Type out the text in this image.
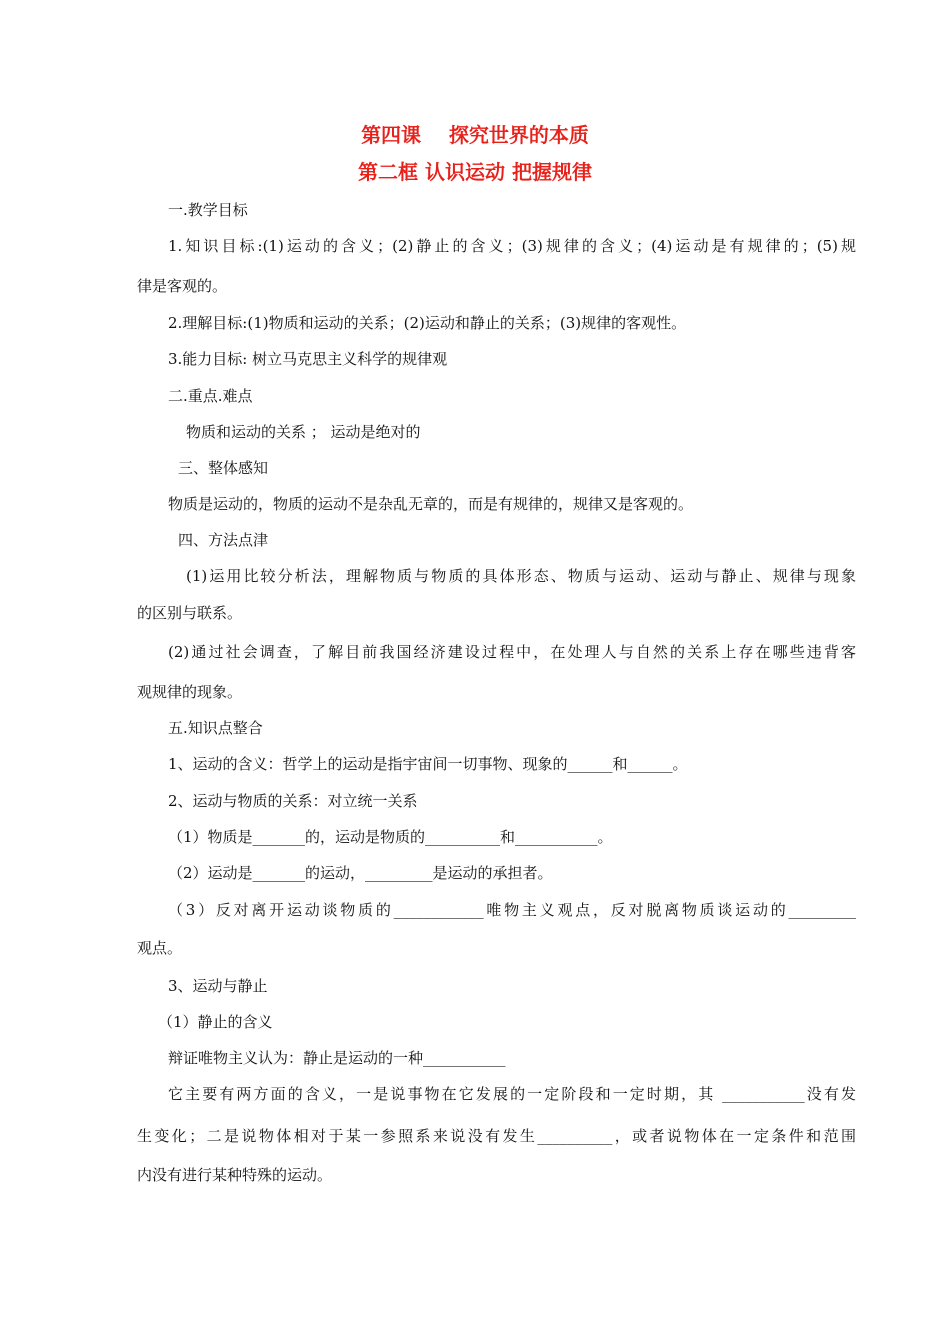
第四课    探究世界的本质
第二框 认识运动 把握规律
一.教学目标
1.知识目标:(1)运动的含义；(2)静止的含义；(3)规律的含义；(4)运动是有规律的；(5)规
律是客观的。
2.理解目标:(1)物质和运动的关系；(2)运动和静止的关系；(3)规律的客观性。
3.能力目标: 树立马克思主义科学的规律观
二.重点.难点
物质和运动的关系 ； 运动是绝对的
三、整体感知
物质是运动的，物质的运动不是杂乱无章的，而是有规律的，规律又是客观的。
四、方法点津
(1)运用比较分析法，理解物质与物质的具体形态、物质与运动、运动与静止、规律与现象
的区别与联系。
(2)通过社会调查，了解目前我国经济建设过程中，在处理人与自然的关系上存在哪些违背客
观规律的现象。
五.知识点整合
1、运动的含义：哲学上的运动是指宇宙间一切事物、现象的______和______。
2、运动与物质的关系：对立统一关系
（1）物质是_______的，运动是物质的__________和___________。
（2）运动是_______的运动，_________是运动的承担者。
（3）反对离开运动谈物质的____________唯物主义观点，反对脱离物质谈运动的_________
观点。
3、运动与静止
（1）静止的含义
辩证唯物主义认为：静止是运动的一种___________
它主要有两方面的含义，一是说事物在它发展的一定阶段和一定时期，其 ___________没有发
生变化；二是说物体相对于某一参照系来说没有发生__________，或者说物体在一定条件和范围
内没有进行某种特殊的运动。
